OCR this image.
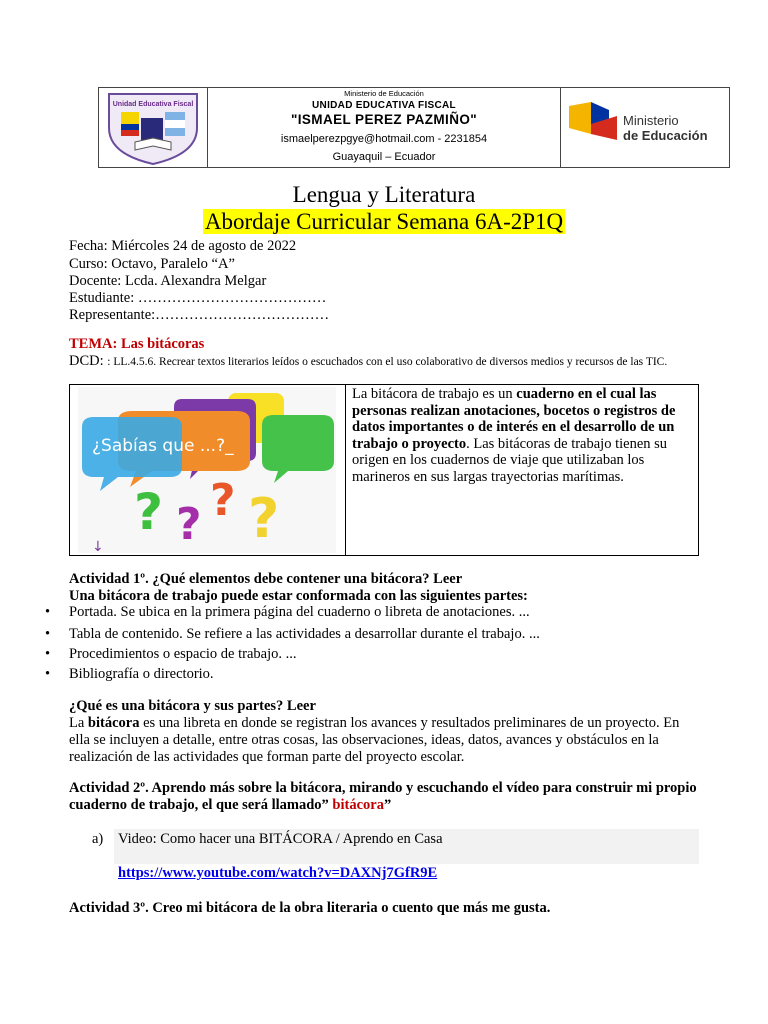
Unidad Educativa Fiscal
Ministerio de Educación
UNIDAD EDUCATIVA FISCAL
"ISMAEL PEREZ PAZMIÑO"
ismaelperezpgye@hotmail.com - 2231854
Guayaquil – Ecuador
Ministerio
de Educación
Lengua y Literatura
Abordaje Curricular Semana 6A-2P1Q
Fecha: Miércoles 24 de agosto de 2022
Curso: Octavo, Paralelo “A”
Docente: Lcda. Alexandra Melgar
Estudiante: …………………………………
Representante:………………………………
TEMA: Las bitácoras
DCD: : LL.4.5.6. Recrear textos literarios leídos o escuchados con el uso colaborativo de diversos medios y recursos de las TIC.
¿Sabías que ...?_
? ? ? ?
↓
La bitácora de trabajo es un cuaderno en el cual las personas realizan anotaciones, bocetos o registros de datos importantes o de interés en el desarrollo de un trabajo o proyecto. Las bitácoras de trabajo tienen su origen en los cuadernos de viaje que utilizaban los marineros en sus largas trayectorias marítimas.
Actividad 1º. ¿Qué elementos debe contener una bitácora? Leer
Una bitácora de trabajo puede estar conformada con las siguientes partes:
• Portada. Se ubica en la primera página del cuaderno o libreta de anotaciones. ...
• Tabla de contenido. Se refiere a las actividades a desarrollar durante el trabajo. ...
• Procedimientos o espacio de trabajo. ...
• Bibliografía o directorio.
¿Qué es una bitácora y sus partes? Leer
La bitácora es una libreta en donde se registran los avances y resultados preliminares de un proyecto. En ella se incluyen a detalle, entre otras cosas, las observaciones, ideas, datos, avances y obstáculos en la realización de las actividades que forman parte del proyecto escolar.
Actividad 2º. Aprendo más sobre la bitácora, mirando y escuchando el vídeo para construir mi propio cuaderno de trabajo, el que será llamado” bitácora”
a) Video: Como hacer una BITÁCORA / Aprendo en Casa
https://www.youtube.com/watch?v=DAXNj7GfR9E
Actividad 3º. Creo mi bitácora de la obra literaria o cuento que más me gusta.
